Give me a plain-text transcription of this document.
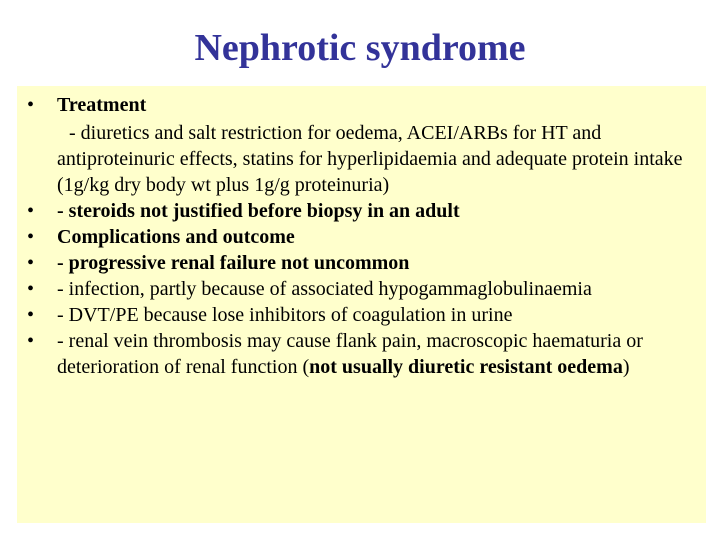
Nephrotic syndrome
• Treatment
- diuretics and salt restriction for oedema, ACEI/ARBs for HT and
antiproteinuric effects, statins for hyperlipidaemia and adequate protein intake (1g/kg dry body wt plus 1g/g proteinuria)
• - steroids not justified before biopsy in an adult
• Complications and outcome
• - progressive renal failure not uncommon
• - infection, partly because of associated hypogammaglobulinaemia
• - DVT/PE because lose inhibitors of coagulation in urine
• - renal vein thrombosis may cause flank pain, macroscopic haematuria or deterioration of renal function (not usually diuretic resistant oedema)
